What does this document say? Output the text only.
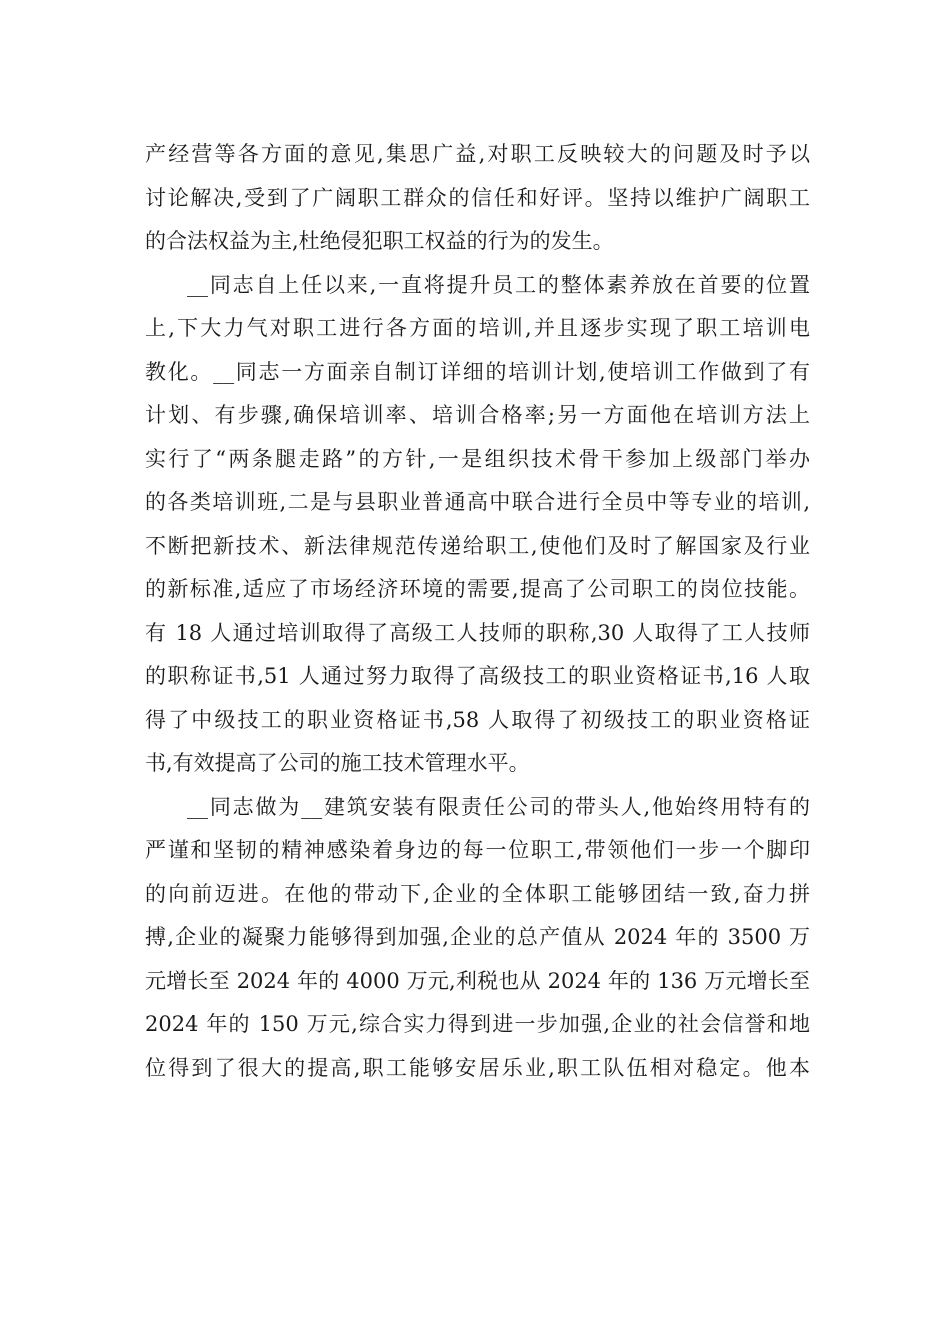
产经营等各方面的意见,集思广益,对职工反映较大的问题及时予以
讨论解决,受到了广阔职工群众的信任和好评。坚持以维护广阔职工
的合法权益为主,杜绝侵犯职工权益的行为的发生。

__同志自上任以来,一直将提升员工的整体素养放在首要的位置
上,下大力气对职工进行各方面的培训,并且逐步实现了职工培训电
教化。__同志一方面亲自制订详细的培训计划,使培训工作做到了有
计划、有步骤,确保培训率、培训合格率;另一方面他在培训方法上
实行了“两条腿走路”的方针,一是组织技术骨干参加上级部门举办
的各类培训班,二是与县职业普通高中联合进行全员中等专业的培训,
不断把新技术、新法律规范传递给职工,使他们及时了解国家及行业
的新标准,适应了市场经济环境的需要,提高了公司职工的岗位技能。
有 18 人通过培训取得了高级工人技师的职称,30 人取得了工人技师
的职称证书,51 人通过努力取得了高级技工的职业资格证书,16 人取
得了中级技工的职业资格证书,58 人取得了初级技工的职业资格证
书,有效提高了公司的施工技术管理水平。

__同志做为__建筑安装有限责任公司的带头人,他始终用特有的
严谨和坚韧的精神感染着身边的每一位职工,带领他们一步一个脚印
的向前迈进。在他的带动下,企业的全体职工能够团结一致,奋力拼
搏,企业的凝聚力能够得到加强,企业的总产值从 2024 年的 3500 万
元增长至 2024 年的 4000 万元,利税也从 2024 年的 136 万元增长至
2024 年的 150 万元,综合实力得到进一步加强,企业的社会信誉和地
位得到了很大的提高,职工能够安居乐业,职工队伍相对稳定。他本
